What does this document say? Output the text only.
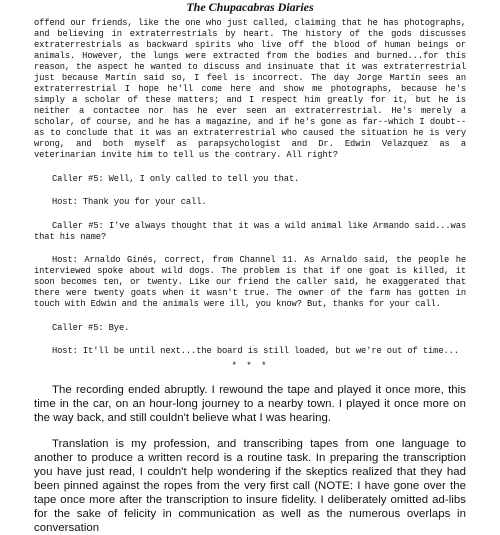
The Chupacabras Diaries

offend our friends, like the one who just called, claiming that he has photographs, and believing in extraterrestrials by heart. The history of the gods discusses extraterrestrials as backward spirits who live off the blood of human beings or animals. However, the lungs were extracted from the bodies and burned...for this reason, the aspect he wanted to discuss and insinuate that it was extraterrestrial just because Martín said so, I feel is incorrect. The day Jorge Martín sees an extraterrestrial I hope he'll come here and show me photographs, because he's simply a scholar of these matters; and I respect him greatly for it, but he is neither a contactee nor has he ever seen an extraterrestrial. He's merely a scholar, of course, and he has a magazine, and if he's gone as far--which I doubt--as to conclude that it was an extraterrestrial who caused the situation he is very wrong, and both myself as parapsychologist and Dr. Edwin Velazquez as a veterinarian invite him to tell us the contrary. All right?

Caller #5: Well, I only called to tell you that.

Host: Thank you for your call.

Caller #5: I've always thought that it was a wild animal like Armando said...was that his name?

Host: Arnaldo Ginés, correct, from Channel 11. As Arnaldo said, the people he interviewed spoke about wild dogs. The problem is that if one goat is killed, it soon becomes ten, or twenty. Like our friend the caller said, he exaggerated that there were twenty goats when it wasn't true. The owner of the farm has gotten in touch with Edwin and the animals were ill, you know? But, thanks for your call.

Caller #5: Bye.

Host: It'll be until next...the board is still loaded, but we're out of time...

* * *

The recording ended abruptly. I rewound the tape and played it once more, this time in the car, on an hour-long journey to a nearby town. I played it once more on the way back, and still couldn't believe what I was hearing.

Translation is my profession, and transcribing tapes from one language to another to produce a written record is a routine task. In preparing the transcription you have just read, I couldn't help wondering if the skeptics realized that they had been pinned against the ropes from the very first call (NOTE: I have gone over the tape once more after the transcription to insure fidelity. I deliberately omitted ad-libs for the sake of felicity in communication as well as the numerous overlaps in conversation
